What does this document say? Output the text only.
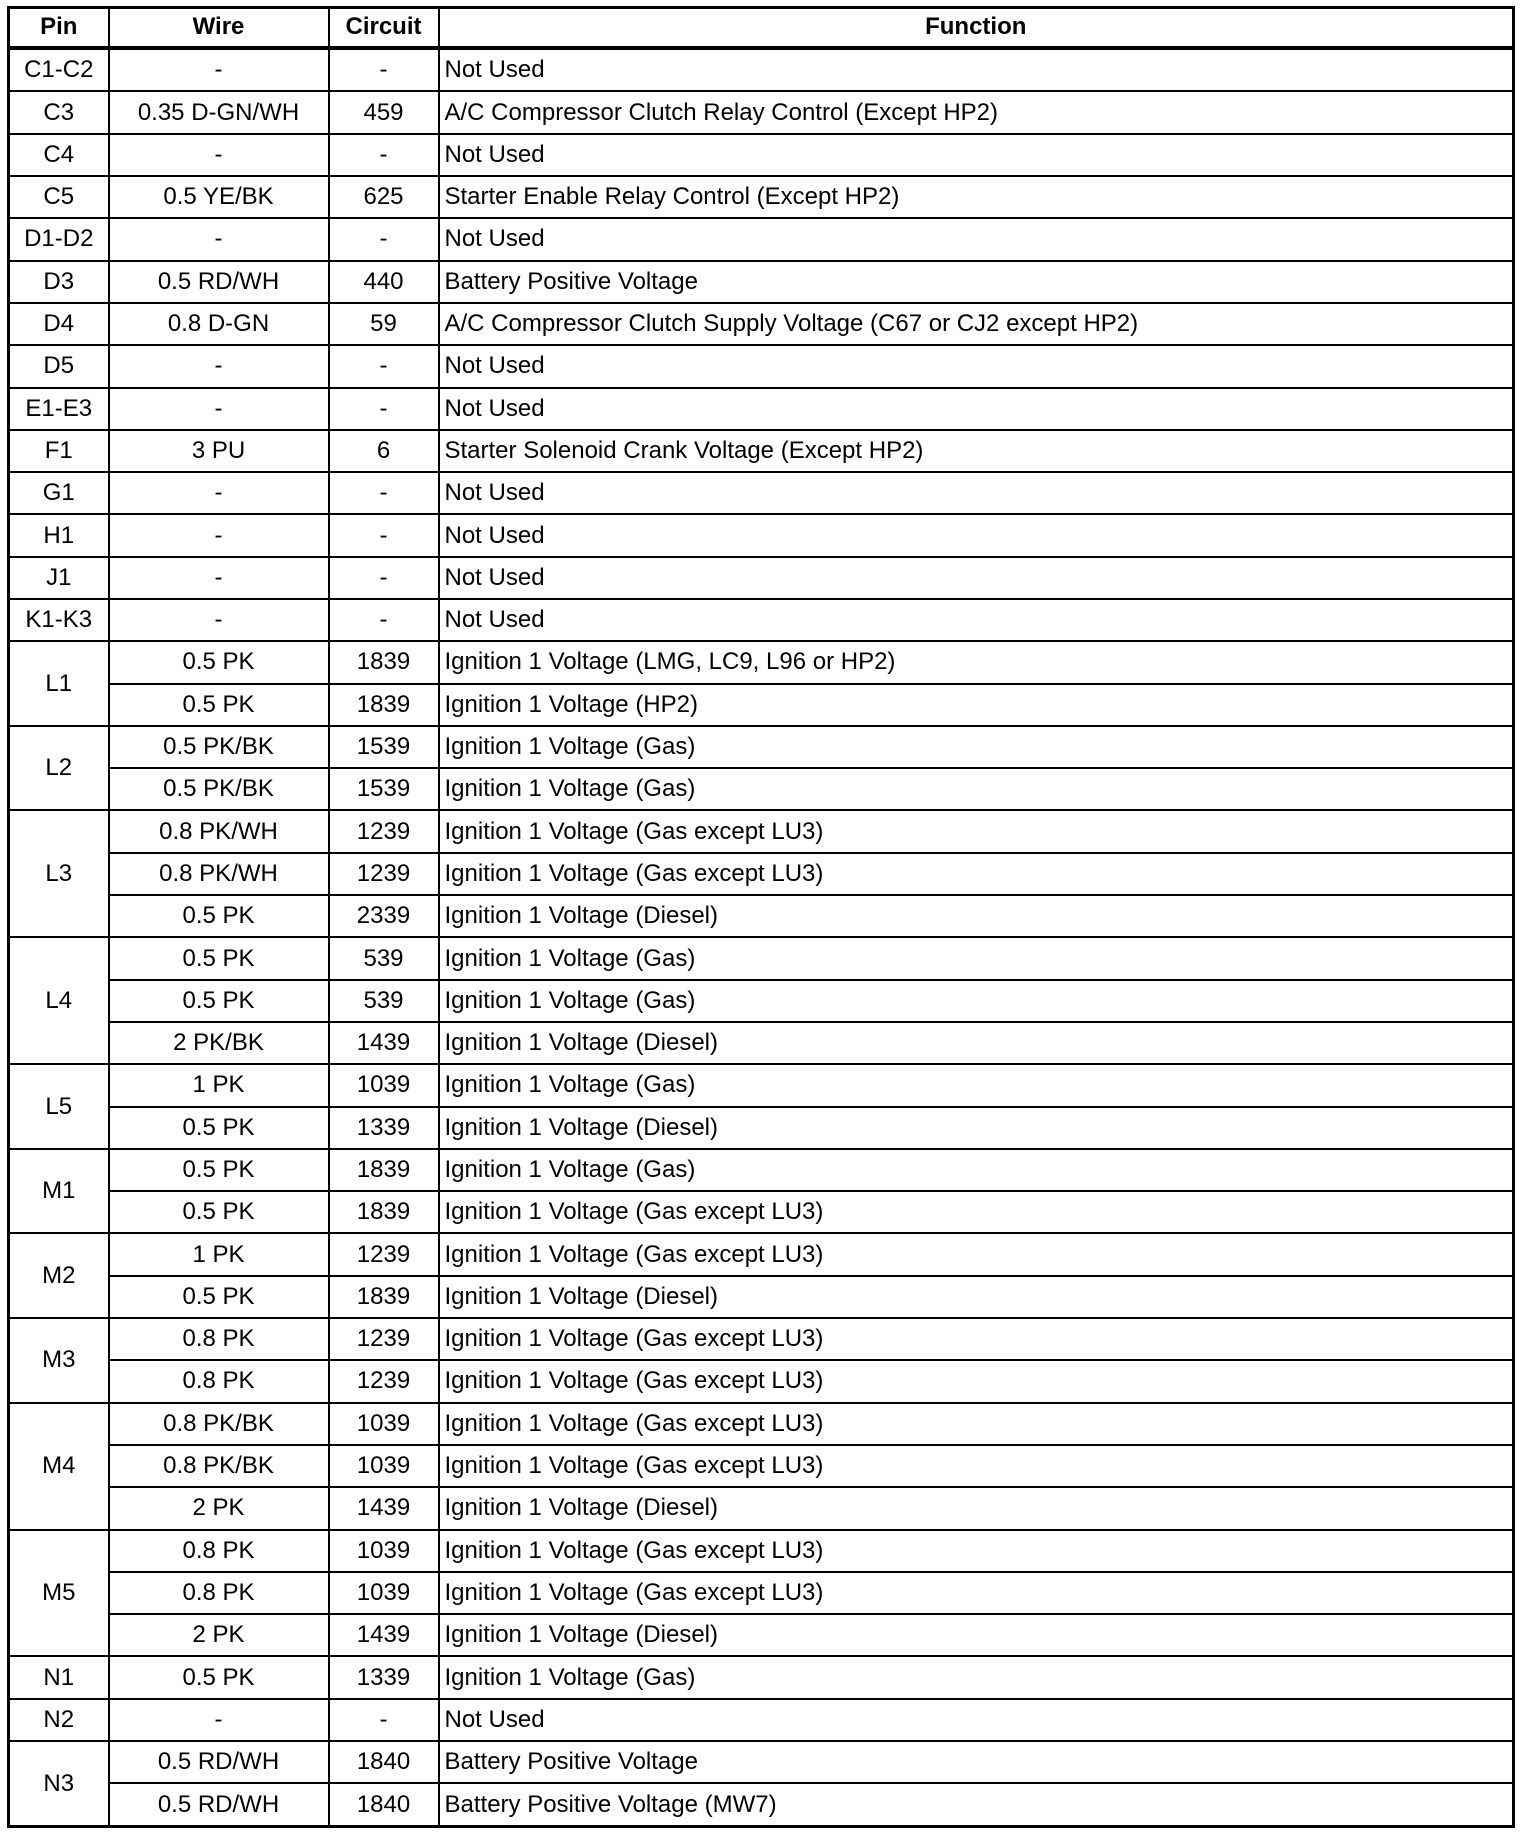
Pin	Wire	Circuit	Function
C1-C2	-	-	Not Used
C3	0.35 D-GN/WH	459	A/C Compressor Clutch Relay Control (Except HP2)
C4	-	-	Not Used
C5	0.5 YE/BK	625	Starter Enable Relay Control (Except HP2)
D1-D2	-	-	Not Used
D3	0.5 RD/WH	440	Battery Positive Voltage
D4	0.8 D-GN	59	A/C Compressor Clutch Supply Voltage (C67 or CJ2 except HP2)
D5	-	-	Not Used
E1-E3	-	-	Not Used
F1	3 PU	6	Starter Solenoid Crank Voltage (Except HP2)
G1	-	-	Not Used
H1	-	-	Not Used
J1	-	-	Not Used
K1-K3	-	-	Not Used
L1	0.5 PK	1839	Ignition 1 Voltage (LMG, LC9, L96 or HP2)
	0.5 PK	1839	Ignition 1 Voltage (HP2)
L2	0.5 PK/BK	1539	Ignition 1 Voltage (Gas)
	0.5 PK/BK	1539	Ignition 1 Voltage (Gas)
L3	0.8 PK/WH	1239	Ignition 1 Voltage (Gas except LU3)
	0.8 PK/WH	1239	Ignition 1 Voltage (Gas except LU3)
	0.5 PK	2339	Ignition 1 Voltage (Diesel)
L4	0.5 PK	539	Ignition 1 Voltage (Gas)
	0.5 PK	539	Ignition 1 Voltage (Gas)
	2 PK/BK	1439	Ignition 1 Voltage (Diesel)
L5	1 PK	1039	Ignition 1 Voltage (Gas)
	0.5 PK	1339	Ignition 1 Voltage (Diesel)
M1	0.5 PK	1839	Ignition 1 Voltage (Gas)
	0.5 PK	1839	Ignition 1 Voltage (Gas except LU3)
M2	1 PK	1239	Ignition 1 Voltage (Gas except LU3)
	0.5 PK	1839	Ignition 1 Voltage (Diesel)
M3	0.8 PK	1239	Ignition 1 Voltage (Gas except LU3)
	0.8 PK	1239	Ignition 1 Voltage (Gas except LU3)
M4	0.8 PK/BK	1039	Ignition 1 Voltage (Gas except LU3)
	0.8 PK/BK	1039	Ignition 1 Voltage (Gas except LU3)
	2 PK	1439	Ignition 1 Voltage (Diesel)
M5	0.8 PK	1039	Ignition 1 Voltage (Gas except LU3)
	0.8 PK	1039	Ignition 1 Voltage (Gas except LU3)
	2 PK	1439	Ignition 1 Voltage (Diesel)
N1	0.5 PK	1339	Ignition 1 Voltage (Gas)
N2	-	-	Not Used
N3	0.5 RD/WH	1840	Battery Positive Voltage
	0.5 RD/WH	1840	Battery Positive Voltage (MW7)
